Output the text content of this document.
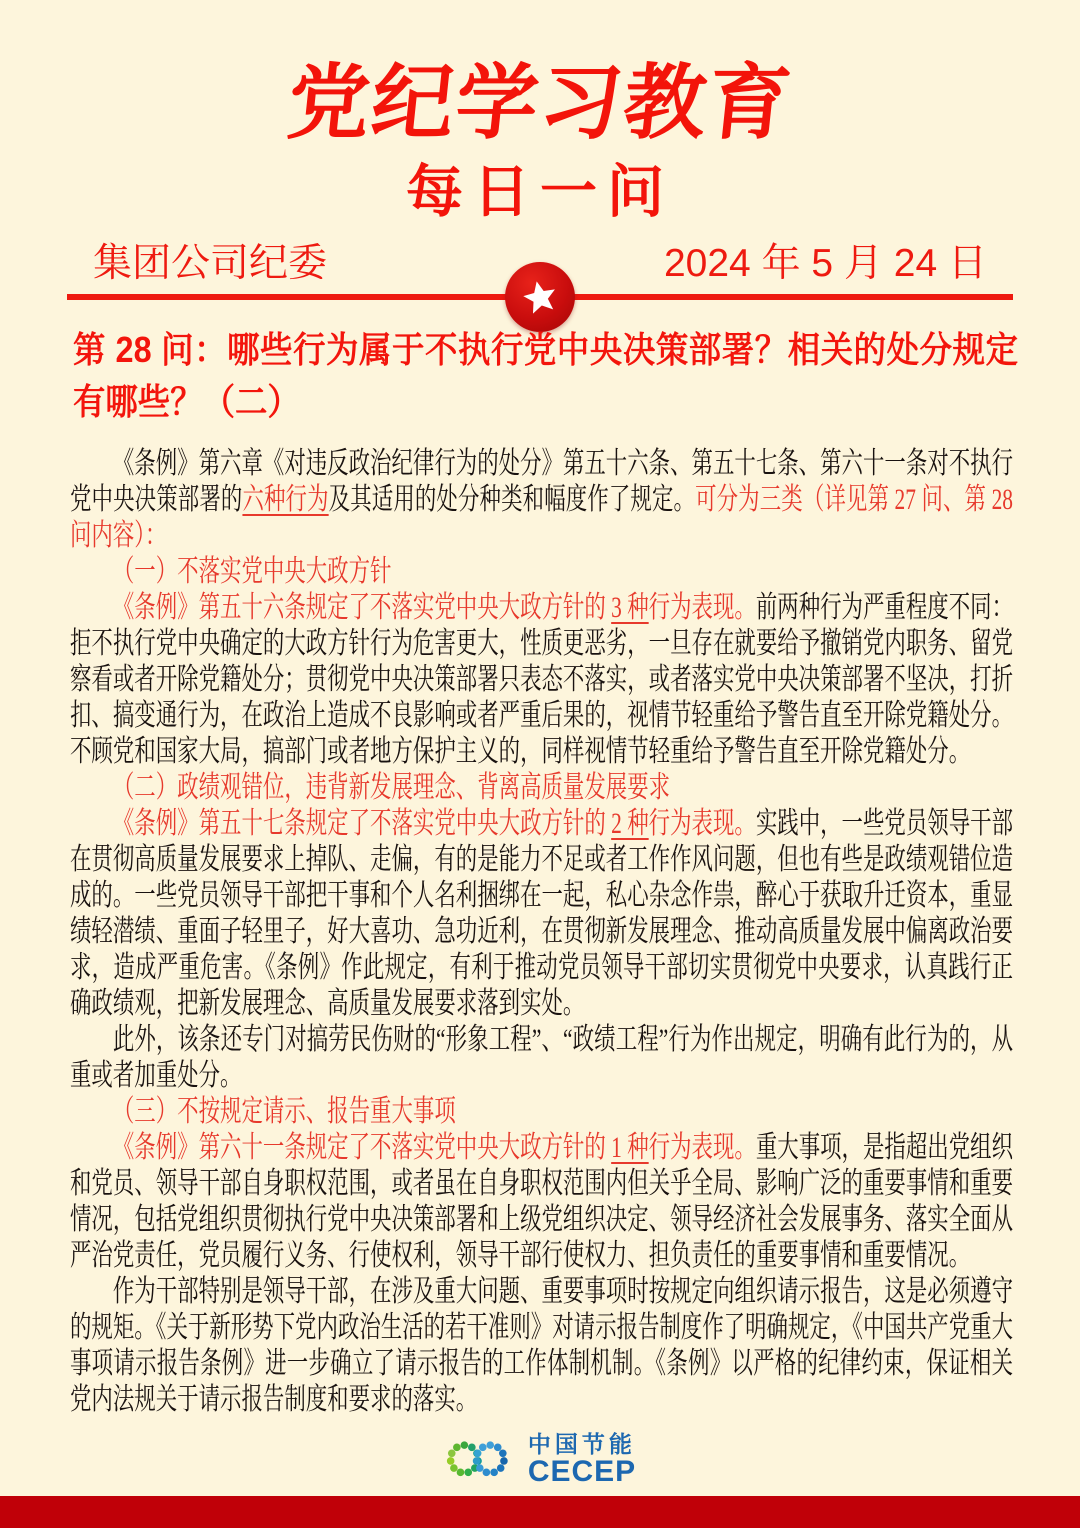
党纪学习教育
每日一问
集团公司纪委	2024 年 5 月 24 日
第 28 问：哪些行为属于不执行党中央决策部署？相关的处分规定有哪些？（二）

《条例》第六章《对违反政治纪律行为的处分》第五十六条、第五十七条、第六十一条对不执行党中央决策部署的六种行为及其适用的处分种类和幅度作了规定。可分为三类（详见第 27 问、第 28 问内容）：

（一）不落实党中央大政方针

《条例》第五十六条规定了不落实党中央大政方针的 3 种行为表现。前两种行为严重程度不同：拒不执行党中央确定的大政方针行为危害更大，性质更恶劣，一旦存在就要给予撤销党内职务、留党察看或者开除党籍处分；贯彻党中央决策部署只表态不落实，或者落实党中央决策部署不坚决，打折扣、搞变通行为，在政治上造成不良影响或者严重后果的，视情节轻重给予警告直至开除党籍处分。不顾党和国家大局，搞部门或者地方保护主义的，同样视情节轻重给予警告直至开除党籍处分。

（二）政绩观错位，违背新发展理念、背离高质量发展要求

《条例》第五十七条规定了不落实党中央大政方针的 2 种行为表现。实践中，一些党员领导干部在贯彻高质量发展要求上掉队、走偏，有的是能力不足或者工作作风问题，但也有些是政绩观错位造成的。一些党员领导干部把干事和个人名利捆绑在一起，私心杂念作祟，醉心于获取升迁资本，重显绩轻潜绩、重面子轻里子，好大喜功、急功近利，在贯彻新发展理念、推动高质量发展中偏离政治要求，造成严重危害。《条例》作此规定，有利于推动党员领导干部切实贯彻党中央要求，认真践行正确政绩观，把新发展理念、高质量发展要求落到实处。

此外，该条还专门对搞劳民伤财的“形象工程”、“政绩工程”行为作出规定，明确有此行为的，从重或者加重处分。

（三）不按规定请示、报告重大事项

《条例》第六十一条规定了不落实党中央大政方针的 1 种行为表现。重大事项，是指超出党组织和党员、领导干部自身职权范围，或者虽在自身职权范围内但关乎全局、影响广泛的重要事情和重要情况，包括党组织贯彻执行党中央决策部署和上级党组织决定、领导经济社会发展事务、落实全面从严治党责任，党员履行义务、行使权利，领导干部行使权力、担负责任的重要事情和重要情况。

作为干部特别是领导干部，在涉及重大问题、重要事项时按规定向组织请示报告，这是必须遵守的规矩。《关于新形势下党内政治生活的若干准则》对请示报告制度作了明确规定，《中国共产党重大事项请示报告条例》进一步确立了请示报告的工作体制机制。《条例》以严格的纪律约束，保证相关党内法规关于请示报告制度和要求的落实。

中国节能
CECEP
